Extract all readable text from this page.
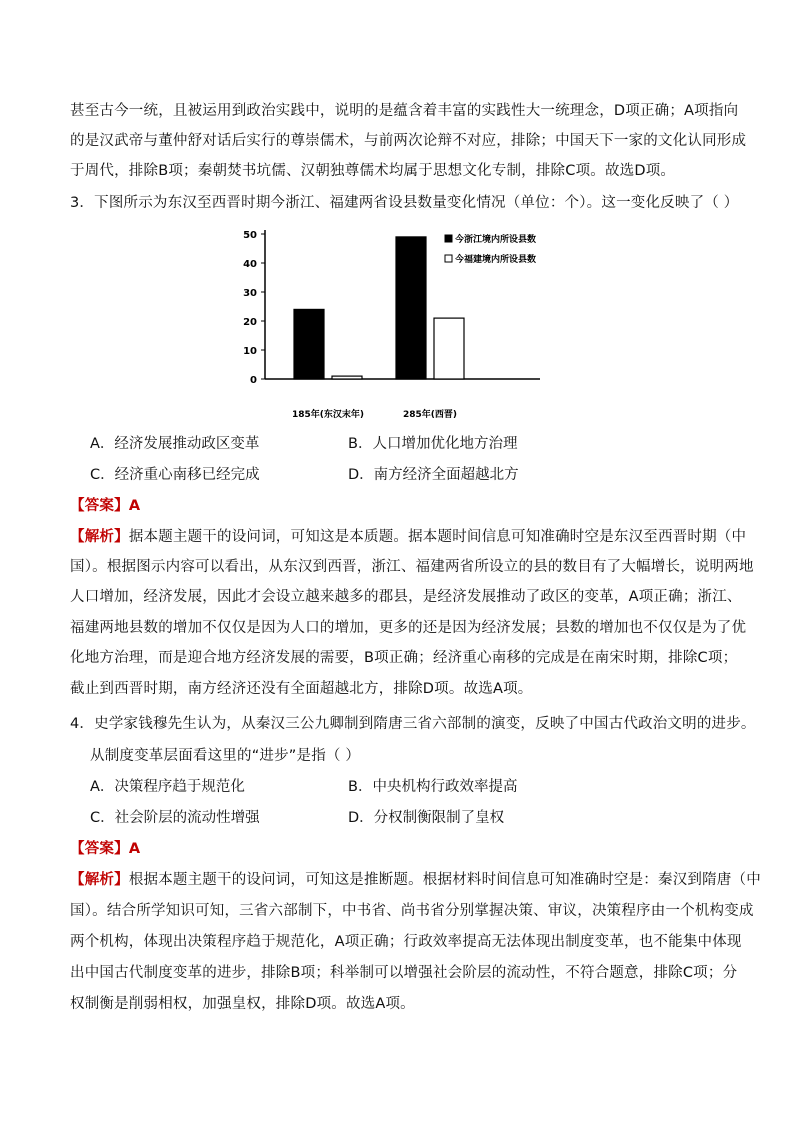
甚至古今一统，且被运用到政治实践中，说明的是蕴含着丰富的实践性大一统理念，D项正确；A项指向
的是汉武帝与董仲舒对话后实行的尊崇儒术，与前两次论辩不对应，排除；中国天下一家的文化认同形成
于周代，排除B项；秦朝焚书坑儒、汉朝独尊儒术均属于思想文化专制，排除C项。故选D项。
3．下图所示为东汉至西晋时期今浙江、福建两省设县数量变化情况（单位：个）。这一变化反映了（ ）
0
10
20
30
40
50
185年(东汉末年)	285年(西晋)
今浙江境内所设县数
今福建境内所设县数
A．经济发展推动政区变革	B．人口增加优化地方治理
C．经济重心南移已经完成	D．南方经济全面超越北方
【答案】A
【解析】据本题主题干的设问词，可知这是本质题。据本题时间信息可知准确时空是东汉至西晋时期（中
国）。根据图示内容可以看出，从东汉到西晋，浙江、福建两省所设立的县的数目有了大幅增长，说明两地
人口增加，经济发展，因此才会设立越来越多的郡县，是经济发展推动了政区的变革，A项正确；浙江、
福建两地县数的增加不仅仅是因为人口的增加，更多的还是因为经济发展；县数的增加也不仅仅是为了优
化地方治理，而是迎合地方经济发展的需要，B项正确；经济重心南移的完成是在南宋时期，排除C项；
截止到西晋时期，南方经济还没有全面超越北方，排除D项。故选A项。
4．史学家钱穆先生认为，从秦汉三公九卿制到隋唐三省六部制的演变，反映了中国古代政治文明的进步。
从制度变革层面看这里的“进步”是指（ ）
A．决策程序趋于规范化	B．中央机构行政效率提高
C．社会阶层的流动性增强	D．分权制衡限制了皇权
【答案】A
【解析】根据本题主题干的设问词，可知这是推断题。根据材料时间信息可知准确时空是：秦汉到隋唐（中
国）。结合所学知识可知，三省六部制下，中书省、尚书省分别掌握决策、审议，决策程序由一个机构变成
两个机构，体现出决策程序趋于规范化，A项正确；行政效率提高无法体现出制度变革，也不能集中体现
出中国古代制度变革的进步，排除B项；科举制可以增强社会阶层的流动性，不符合题意，排除C项；分
权制衡是削弱相权，加强皇权，排除D项。故选A项。
